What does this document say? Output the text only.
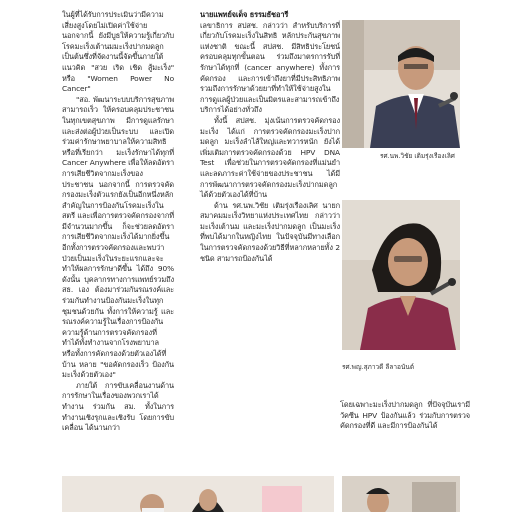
ในผู้ที่ได้รับการประเมินว่ามีความเสี่ยงสูงโดยไม่เปิดค่าใช้จ่าย นอกจากนี้ ยังมีบูธให้ความรู้เกี่ยวกับโรคมะเร็งเต้านมมะเร็งปากมดลูก เป็นต้นซึ่งที่จัดงานนี้จัดขึ้นภายใต้แนวคิด "สวย เริด เชิด สู้มะเร็ง" หรือ "Women Power No Cancer"

"สอ. พัฒนาระบบบริการสุขภาพ สามารถเร็ว ให้ครอบคลุมประชาชนในทุกเขตสุขภาพ มีการดูแลรักษาและส่งต่อผู้ป่วยเป็นระบบ และเปิดร่วมค่ารักษาพยาบาลให้ความสิทธิ หรือที่เรียกว่า มะเร็งรักษาได้ทุกที่ Cancer Anywhere เพื่อให้ลดอัตราการเสียชีวิตจากมะเร็งของประชาชน นอกจากนี้ การตรวจคัดกรองมะเร็งตัวแรกยังเป็นอีกหนึ่งหลักสำคัญในการป้องกันโรคมะเร็งในสตรี และเพื่อการตรวจคัดกรองจากที่มีจำนวนมากขึ้น ก็จะช่วยลดอัตราการเสียชีวิตจากมะเร็งได้มากยิ่งขึ้น อีกทั้งการตรวจคัดกรองและพบว่าป่วยเป็นมะเร็งในระยะแรกและจะทำให้ผลการรักษาดีขึ้น ได้ถึง 90% ดังนั้น บุคลากรทางการแพทย์รวมถึง สธ. เอง ต้องมาร่วมกันรณรงค์และร่วมกันทำงานป้องกันมะเร็งในทุกชุมชนด้วยกัน ทั้งการให้ความรู้ และรณรงค์ความรู้ในเรื่องการป้องกัน ความรู้ด้านการตรวจคัดกรองที่ทำได้ทั้งทำงานจากโรงพยาบาล หรือทั้งการคัดกรองด้วยตัวเองได้ที่บ้าน หลาย "ขอคัดกรองเร็ว ป้องกันมะเร็งด้วยตัวเอง"

ภายใต้ การขับเคลื่อนงานด้านการรักษาในเรื่องของพวกเราได้ทำงาน ร่วมกัน สม. ทั้งในการทำงานเชิงรุกและเชิงรับ โดยการขับเคลื่อน ได้นานกว่า

นายแพทย์จเด็จ ธรรมธัชอารี

เลขาธิการ สปสช. กล่าวว่า สำหรับบริการที่เกี่ยวกับโรคมะเร็งในสิทธิ หลักประกันสุขภาพแห่งชาติ ขณะนี้ สปสช. มีสิทธิประโยชน์ครอบคลุมทุกขั้นตอน ร่วมถึงมาตรการรับที่รักษาได้ทุกที่ (cancer anywhere) ทั้งการคัดกรอง และการเข้าถึงยาที่มีประสิทธิภาพ รวมถึงการรักษาด้วยยาที่ทำให้ใช้จ่ายสูงในการดูแลผู้ป่วยและเป็นมิตรและสามารถเข้าถึงบริการได้อย่างทั่วถึง

ทั้งนี้ สปสช. มุ่งเน้นการตรวจคัดกรองมะเร็ง ได้แก่ การตรวจคัดกรองมะเร็งปากมดลูก มะเร็งลำไส้ใหญ่และทวารหนัก ยังได้เพิ่มเติมการตรวจคัดกรองด้วย HPV DNA Test เพื่อช่วยในการตรวจคัดกรองที่แม่นยำ และลดภาระค่าใช้จ่ายของประชาชน ได้มีการพัฒนาการตรวจคัดกรองมะเร็งปากมดลูกได้ด้วยตัวเองได้ที่บ้าน

ด้าน รศ.นพ.วิชัย เติมรุ่งเรืองเลิศ นายกสมาคมมะเร็งวิทยาแห่งประเทศไทย กล่าวว่า มะเร็งเต้านม และมะเร็งปากมดลูก เป็นมะเร็งที่พบได้มากในหญิงไทย ในปัจจุบันมีทางเลือกในการตรวจคัดกรองด้วยวิธีที่หลากหลายทั้ง 2 ชนิด สามารถป้องกันได้

รศ.นพ.วิชัย เติมรุ่งเรืองเลิศ
รศ.พญ.สุภาวดี ลีลาอนันต์

โดยเฉพาะมะเร็งปากมดลูก ที่ปัจจุบันเรามีวัคซีน HPV ป้องกันแล้ว ร่วมกับการตรวจคัดกรองที่ดี และมีการป้องกันได้
